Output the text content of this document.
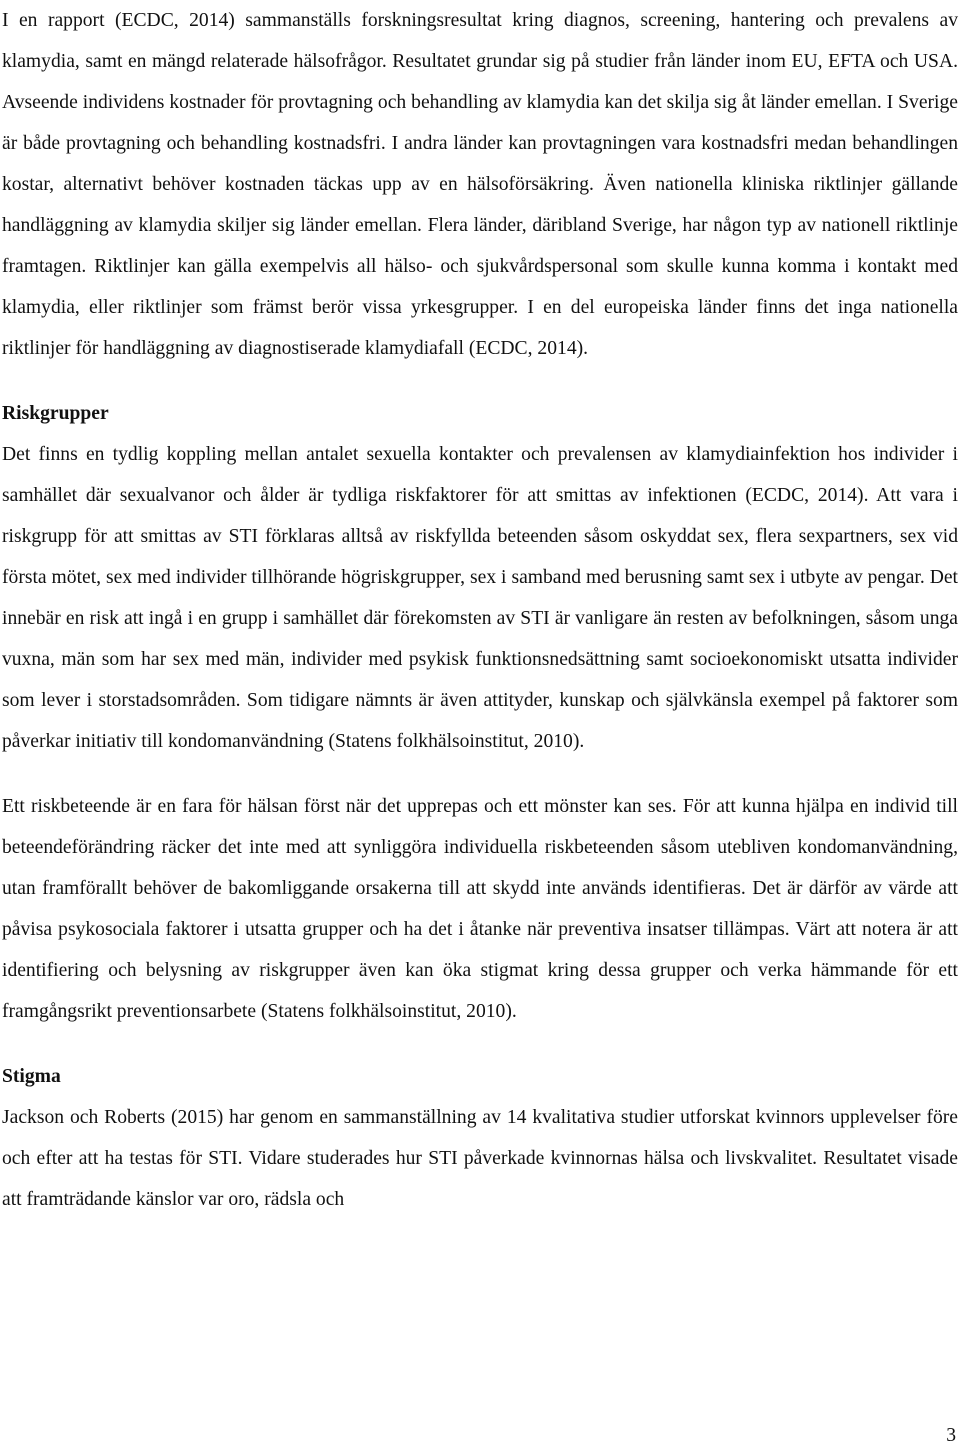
I en rapport (ECDC, 2014) sammanställs forskningsresultat kring diagnos, screening, hantering och prevalens av klamydia, samt en mängd relaterade hälsofrågor. Resultatet grundar sig på studier från länder inom EU, EFTA och USA. Avseende individens kostnader för provtagning och behandling av klamydia kan det skilja sig åt länder emellan. I Sverige är både provtagning och behandling kostnadsfri. I andra länder kan provtagningen vara kostnadsfri medan behandlingen kostar, alternativt behöver kostnaden täckas upp av en hälsoförsäkring. Även nationella kliniska riktlinjer gällande handläggning av klamydia skiljer sig länder emellan. Flera länder, däribland Sverige, har någon typ av nationell riktlinje framtagen. Riktlinjer kan gälla exempelvis all hälso- och sjukvårdspersonal som skulle kunna komma i kontakt med klamydia, eller riktlinjer som främst berör vissa yrkesgrupper. I en del europeiska länder finns det inga nationella riktlinjer för handläggning av diagnostiserade klamydiafall (ECDC, 2014).

Riskgrupper

Det finns en tydlig koppling mellan antalet sexuella kontakter och prevalensen av klamydiainfektion hos individer i samhället där sexualvanor och ålder är tydliga riskfaktorer för att smittas av infektionen (ECDC, 2014). Att vara i riskgrupp för att smittas av STI förklaras alltså av riskfyllda beteenden såsom oskyddat sex, flera sexpartners, sex vid första mötet, sex med individer tillhörande högriskgrupper, sex i samband med berusning samt sex i utbyte av pengar. Det innebär en risk att ingå i en grupp i samhället där förekomsten av STI är vanligare än resten av befolkningen, såsom unga vuxna, män som har sex med män, individer med psykisk funktionsnedsättning samt socioekonomiskt utsatta individer som lever i storstadsområden. Som tidigare nämnts är även attityder, kunskap och självkänsla exempel på faktorer som påverkar initiativ till kondomanvändning (Statens folkhälsoinstitut, 2010).

Ett riskbeteende är en fara för hälsan först när det upprepas och ett mönster kan ses. För att kunna hjälpa en individ till beteendeförändring räcker det inte med att synliggöra individuella riskbeteenden såsom utebliven kondomanvändning, utan framförallt behöver de bakomliggande orsakerna till att skydd inte används identifieras. Det är därför av värde att påvisa psykosociala faktorer i utsatta grupper och ha det i åtanke när preventiva insatser tillämpas. Värt att notera är att identifiering och belysning av riskgrupper även kan öka stigmat kring dessa grupper och verka hämmande för ett framgångsrikt preventionsarbete (Statens folkhälsoinstitut, 2010).

Stigma

Jackson och Roberts (2015) har genom en sammanställning av 14 kvalitativa studier utforskat kvinnors upplevelser före och efter att ha testas för STI. Vidare studerades hur STI påverkade kvinnornas hälsa och livskvalitet. Resultatet visade att framträdande känslor var oro, rädsla och

3
